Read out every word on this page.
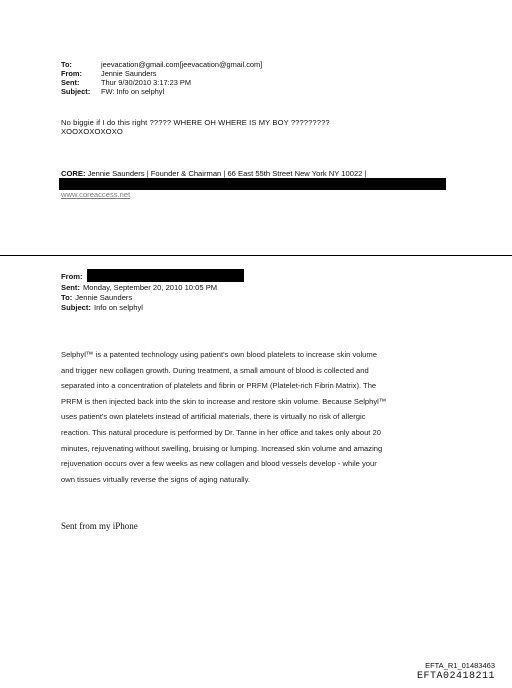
To:	jeevacation@gmail.com[jeevacation@gmail.com]
From:	Jennie Saunders
Sent:	Thur 9/30/2010 3:17:23 PM
Subject: FW: Info on selphyl
No biggie if I do this right ????? WHERE OH WHERE IS MY BOY ?????????
XOOXOXOXOXO
CORE: Jennie Saunders | Founder & Chairman | 66 East 55th Street New York NY 10022 |
www.coreaccess.net
From:
Sent: Monday, September 20, 2010 10:05 PM
To: Jennie Saunders
Subject: Info on selphyl

Selphyl™ is a patented technology using patient's own blood platelets to increase skin volume

and trigger new collagen growth. During treatment, a small amount of blood is collected and

separated into a concentration of platelets and fibrin or PRFM (Platelet-rich Fibrin Matrix). The

PRFM is then injected back into the skin to increase and restore skin volume. Because Selphyl™

uses patient's own platelets instead of artificial materials, there is virtually no risk of allergic

reaction. This natural procedure is performed by Dr. Tanne in her office and takes only about 20

minutes, rejuvenating without swelling, bruising or lumping. Increased skin volume and amazing

rejuvenation occurs over a few weeks as new collagen and blood vessels develop - while your

own tissues virtually reverse the signs of aging naturally.

Sent from my iPhone
EFTA_R1_01483463
EFTA02418211
